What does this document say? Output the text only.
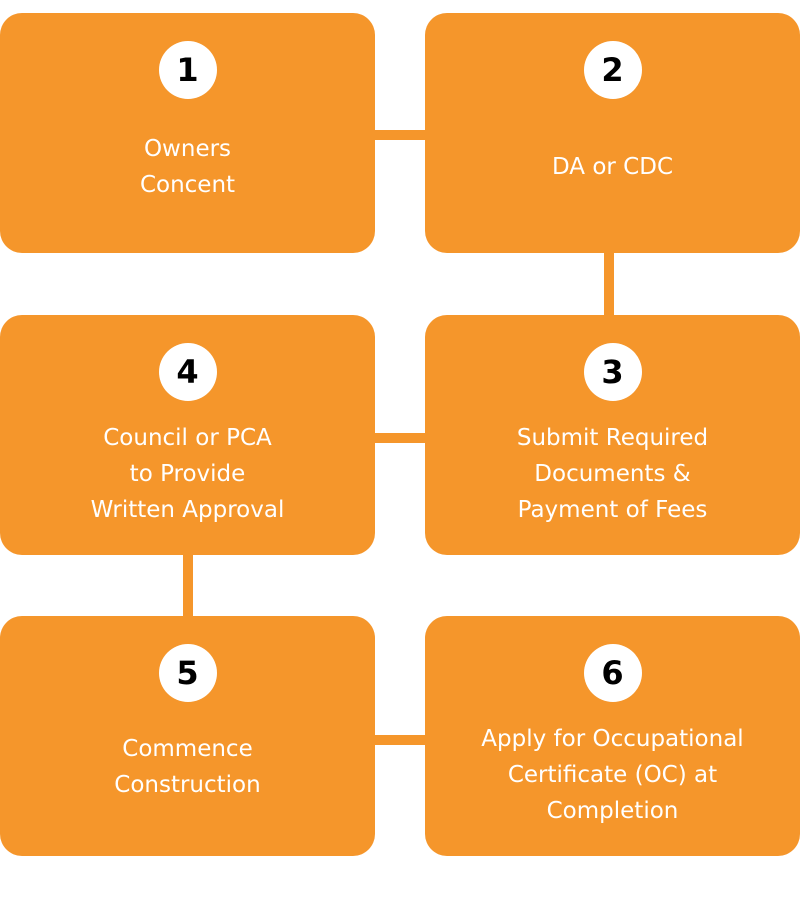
1
Owners
Concent
2
DA or CDC
3
Submit Required
Documents &
Payment of Fees
4
Council or PCA
to Provide
Written Approval
5
Commence
Construction
6
Apply for Occupational
Certificate (OC) at
Completion
